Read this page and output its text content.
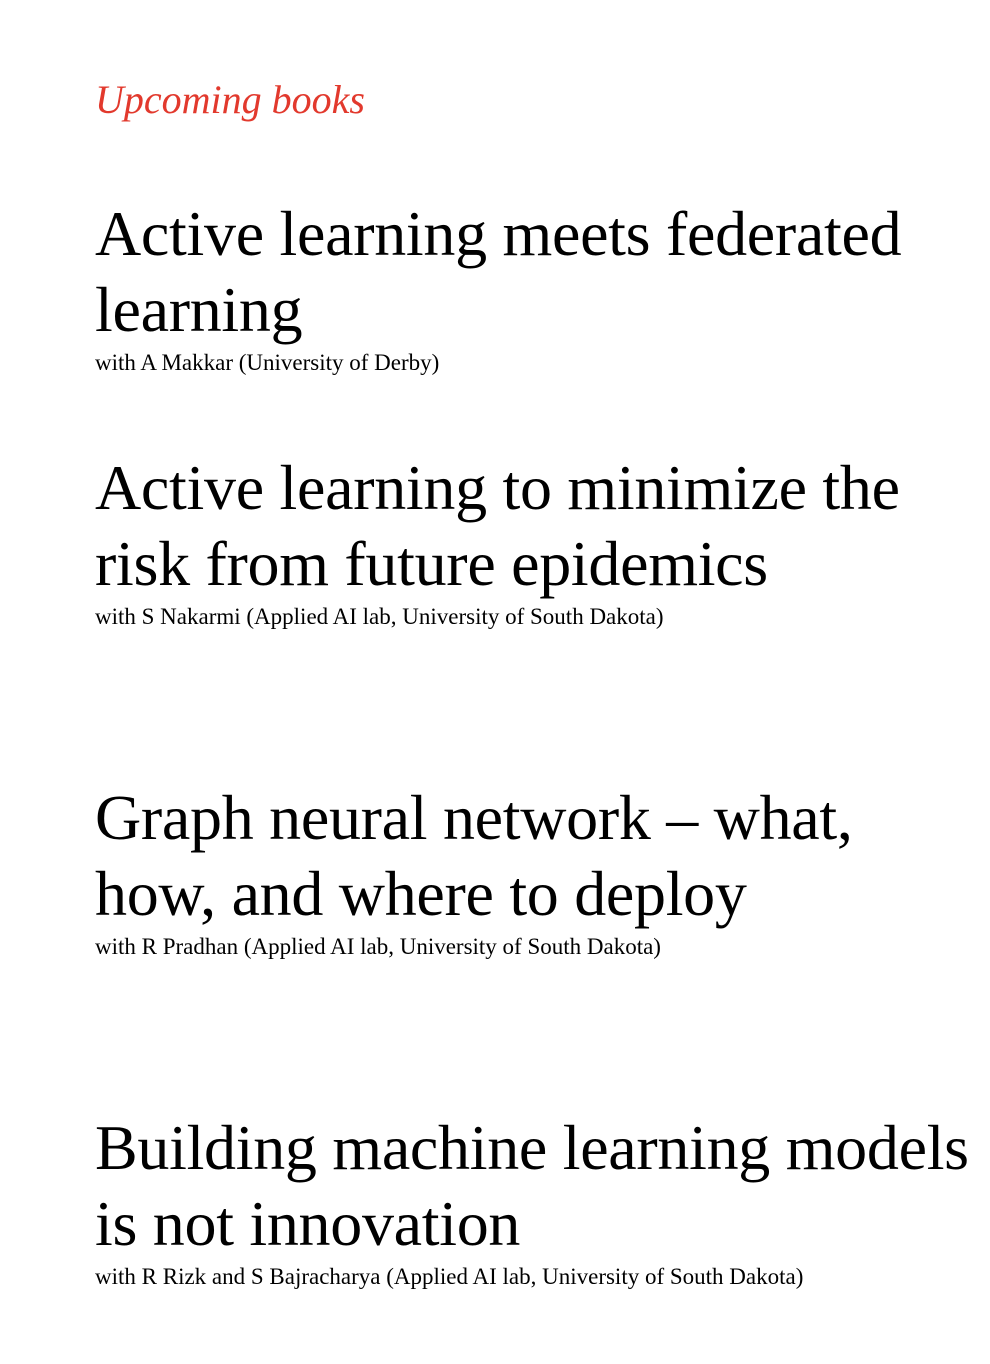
Upcoming books
Active learning meets federated learning

with A Makkar (University of Derby)

Active learning to minimize the risk from future epidemics

with S Nakarmi (Applied AI lab, University of South Dakota)

Graph neural network – what, how, and where to deploy

with R Pradhan (Applied AI lab, University of South Dakota)

Building machine learning models is not innovation

with R Rizk and S Bajracharya (Applied AI lab, University of South Dakota)
